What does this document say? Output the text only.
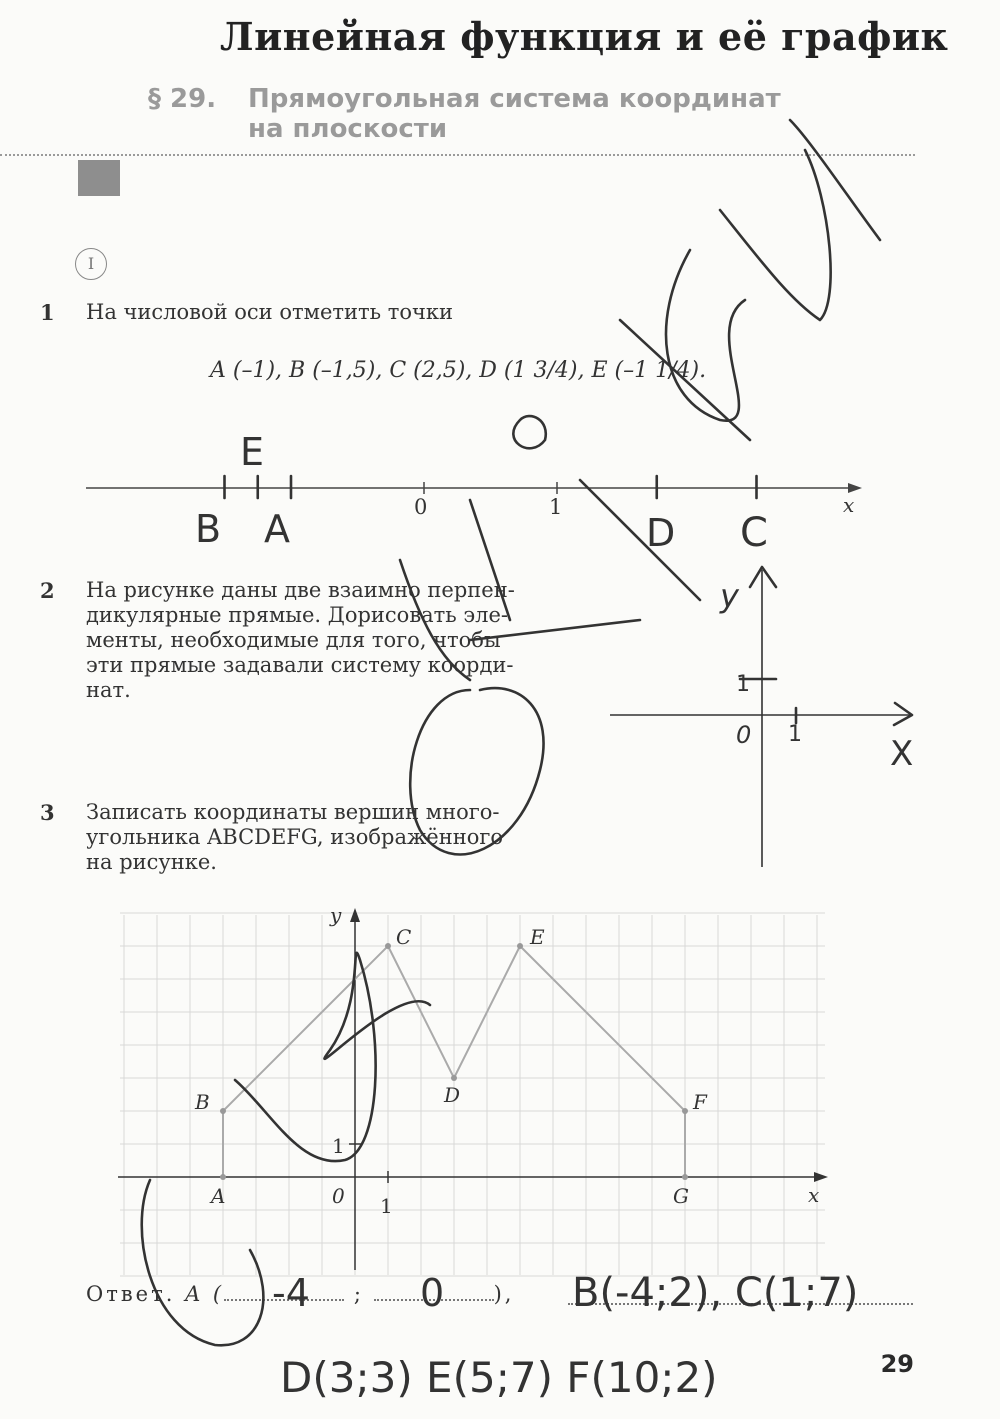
Линейная функция и её график
§ 29. Прямоугольная система координат
на плоскости
I
1 На числовой оси отметить точки
A (–1), B (–1,5), C (2,5), D (1 3/4), E (–1 1/4).
0	1	x
E
B A	D C
2 На рисунке даны две взаимно перпен-
дикулярные прямые. Дорисовать эле-
менты, необходимые для того, чтобы
эти прямые задавали систему коорди-
нат.
y
X
1
1
0
3 Записать координаты вершин много-
угольника ABCDEFG, изображённого
на рисунке.
x
y
0 1
1
A
B
C
D
E
F
G
Ответ. A (	;	),
-4	0	B(-4;2), C(1;7)
D(3;3) E(5;7) F(10;2)	29
